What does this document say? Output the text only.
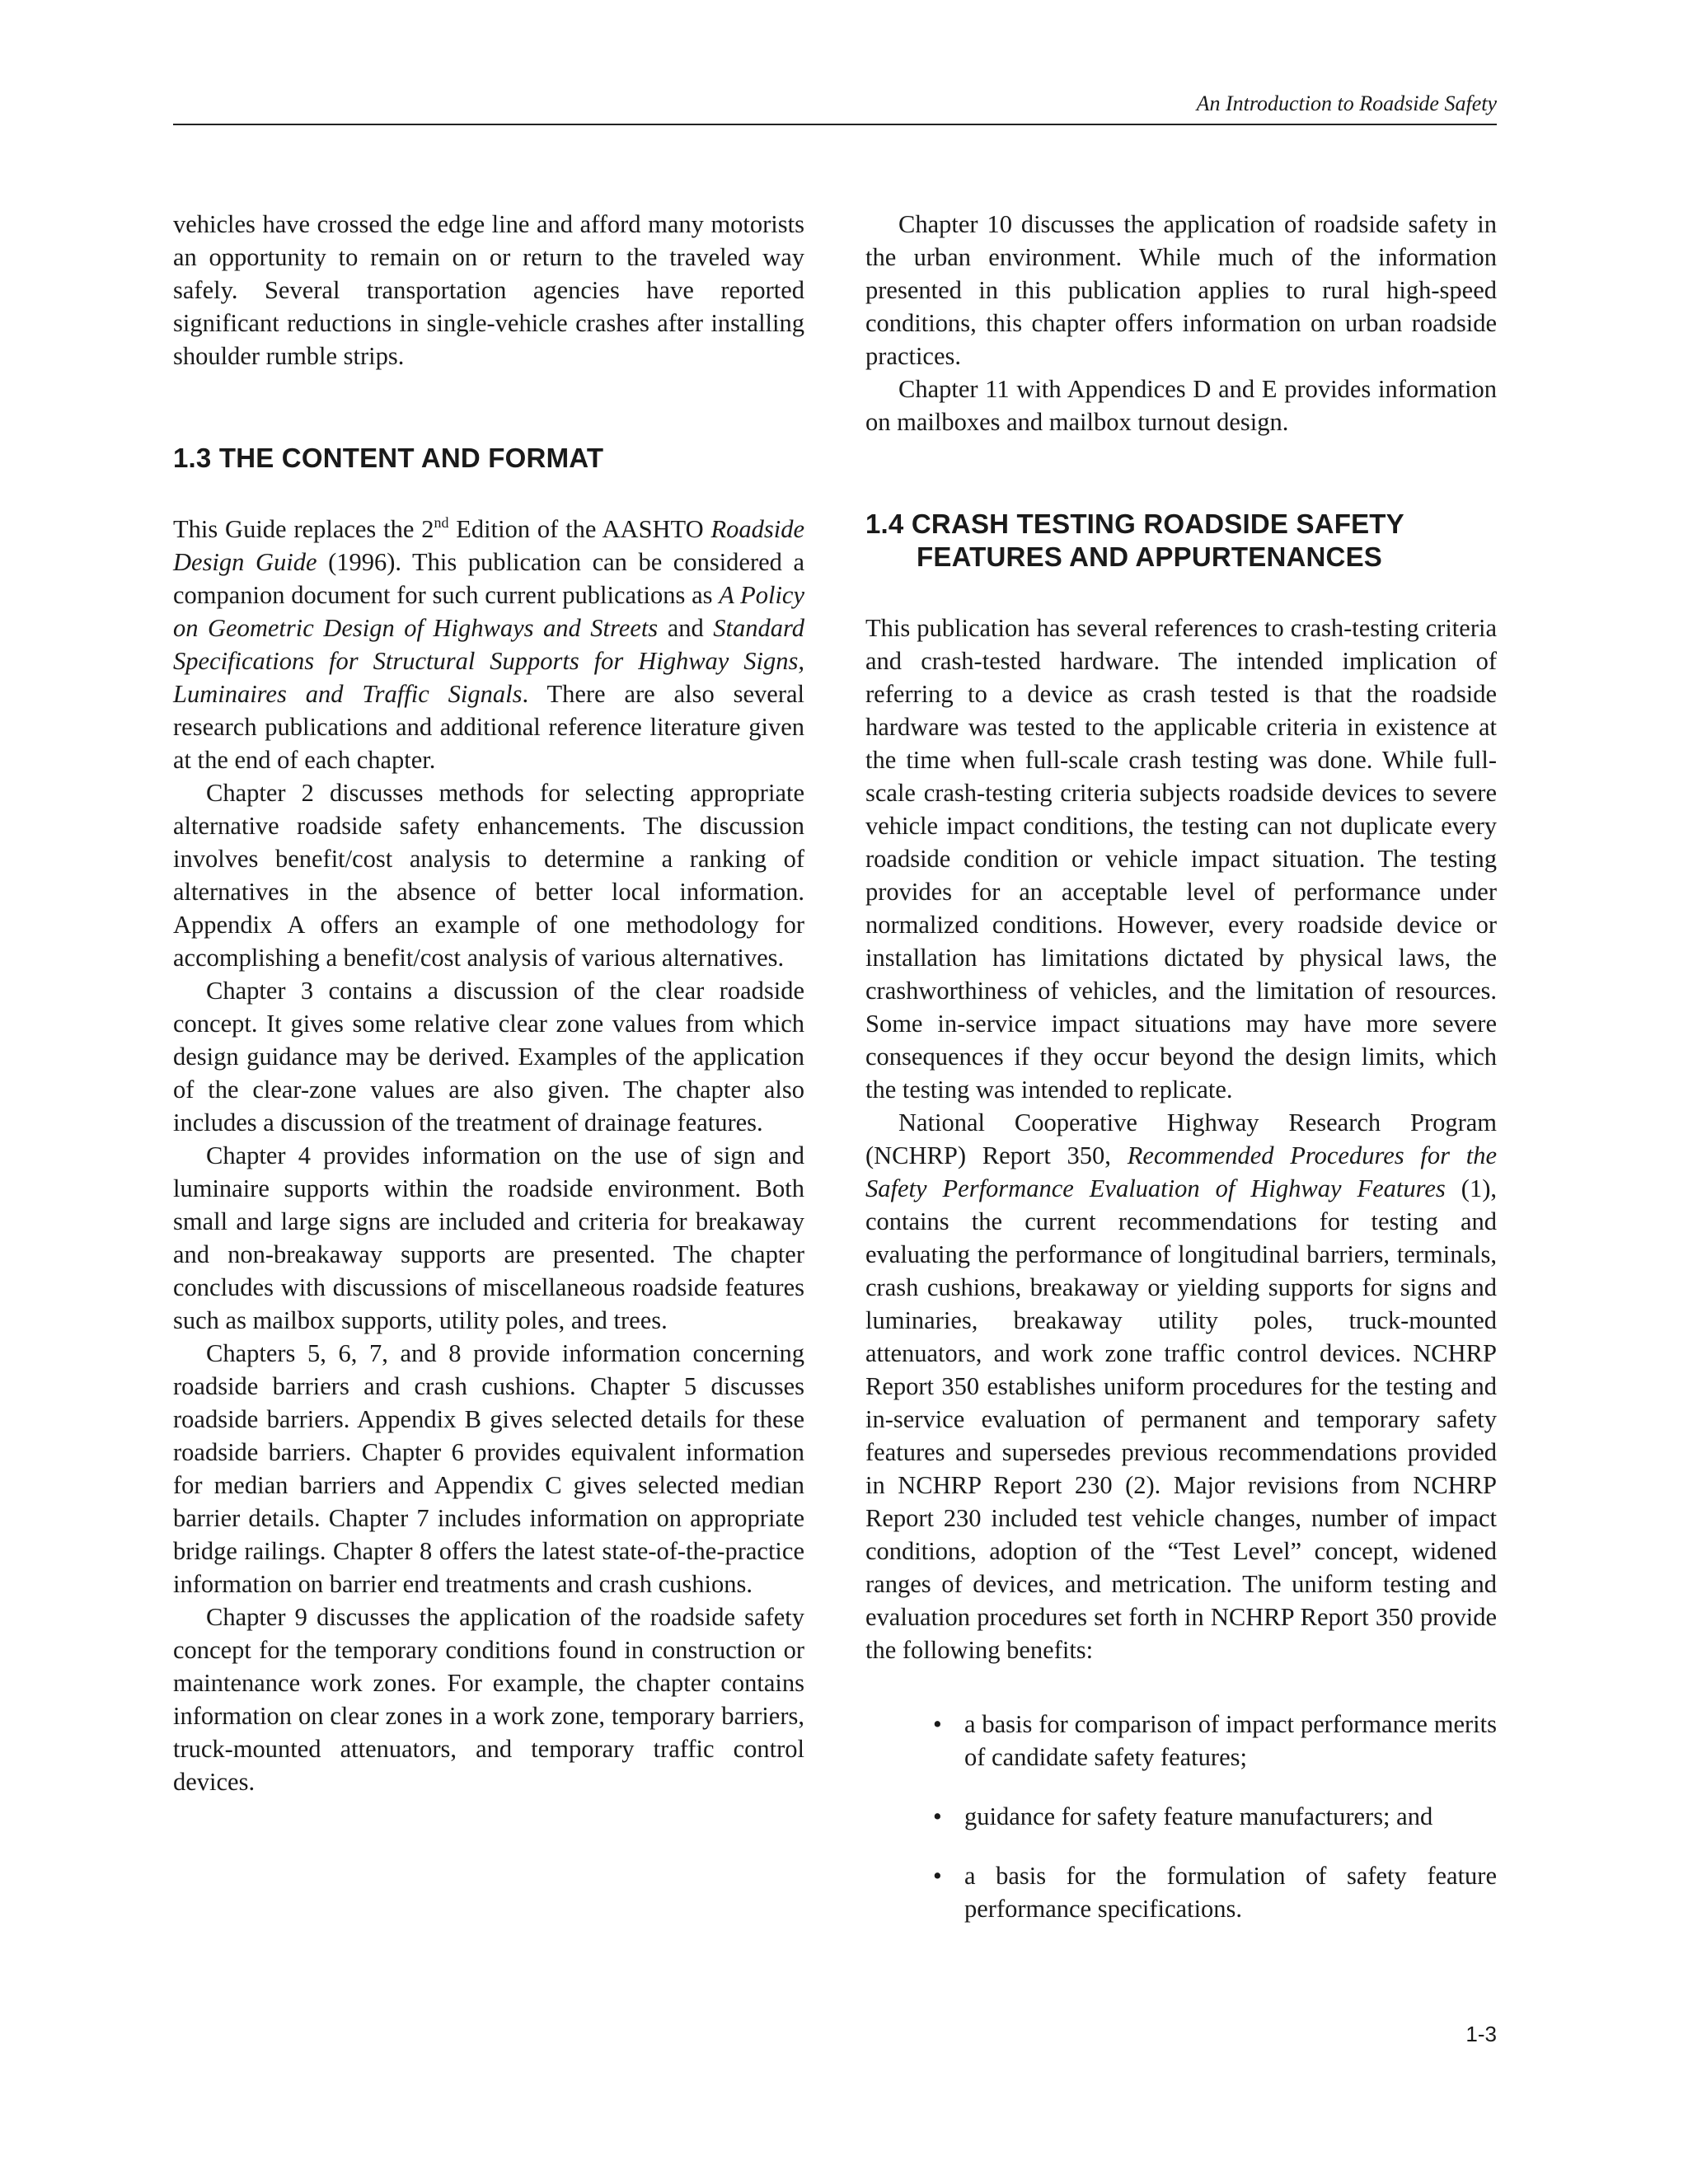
An Introduction to Roadside Safety

vehicles have crossed the edge line and afford many motorists an opportunity to remain on or return to the traveled way safely. Several transportation agencies have reported significant reductions in single-vehicle crashes after installing shoulder rumble strips.

1.3 THE CONTENT AND FORMAT

This Guide replaces the 2nd Edition of the AASHTO Roadside Design Guide (1996). This publication can be considered a companion document for such current publications as A Policy on Geometric Design of Highways and Streets and Standard Specifications for Structural Supports for Highway Signs, Luminaires and Traffic Signals. There are also several research publications and additional reference literature given at the end of each chapter.

Chapter 2 discusses methods for selecting appropriate alternative roadside safety enhancements. The discussion involves benefit/cost analysis to determine a ranking of alternatives in the absence of better local information. Appendix A offers an example of one methodology for accomplishing a benefit/cost analysis of various alternatives.

Chapter 3 contains a discussion of the clear roadside concept. It gives some relative clear zone values from which design guidance may be derived. Examples of the application of the clear-zone values are also given. The chapter also includes a discussion of the treatment of drainage features.

Chapter 4 provides information on the use of sign and luminaire supports within the roadside environment. Both small and large signs are included and criteria for breakaway and non-breakaway supports are presented. The chapter concludes with discussions of miscellaneous roadside features such as mailbox supports, utility poles, and trees.

Chapters 5, 6, 7, and 8 provide information concerning roadside barriers and crash cushions. Chapter 5 discusses roadside barriers. Appendix B gives selected details for these roadside barriers. Chapter 6 provides equivalent information for median barriers and Appendix C gives selected median barrier details. Chapter 7 includes information on appropriate bridge railings. Chapter 8 offers the latest state-of-the-practice information on barrier end treatments and crash cushions.

Chapter 9 discusses the application of the roadside safety concept for the temporary conditions found in construction or maintenance work zones. For example, the chapter contains information on clear zones in a work zone, temporary barriers, truck-mounted attenuators, and temporary traffic control devices.

Chapter 10 discusses the application of roadside safety in the urban environment. While much of the information presented in this publication applies to rural high-speed conditions, this chapter offers information on urban roadside practices.

Chapter 11 with Appendices D and E provides information on mailboxes and mailbox turnout design.

1.4 CRASH TESTING ROADSIDE SAFETY
FEATURES AND APPURTENANCES

This publication has several references to crash-testing criteria and crash-tested hardware. The intended implication of referring to a device as crash tested is that the roadside hardware was tested to the applicable criteria in existence at the time when full-scale crash testing was done. While full-scale crash-testing criteria subjects roadside devices to severe vehicle impact conditions, the testing can not duplicate every roadside condition or vehicle impact situation. The testing provides for an acceptable level of performance under normalized conditions. However, every roadside device or installation has limitations dictated by physical laws, the crashworthiness of vehicles, and the limitation of resources. Some in-service impact situations may have more severe consequences if they occur beyond the design limits, which the testing was intended to replicate.

National Cooperative Highway Research Program (NCHRP) Report 350, Recommended Procedures for the Safety Performance Evaluation of Highway Features (1), contains the current recommendations for testing and evaluating the performance of longitudinal barriers, terminals, crash cushions, breakaway or yielding supports for signs and luminaries, breakaway utility poles, truck-mounted attenuators, and work zone traffic control devices. NCHRP Report 350 establishes uniform procedures for the testing and in-service evaluation of permanent and temporary safety features and supersedes previous recommendations provided in NCHRP Report 230 (2). Major revisions from NCHRP Report 230 included test vehicle changes, number of impact conditions, adoption of the “Test Level” concept, widened ranges of devices, and metrication. The uniform testing and evaluation procedures set forth in NCHRP Report 350 provide the following benefits:

• a basis for comparison of impact performance merits of candidate safety features;
• guidance for safety feature manufacturers; and
• a basis for the formulation of safety feature performance specifications.
1-3
